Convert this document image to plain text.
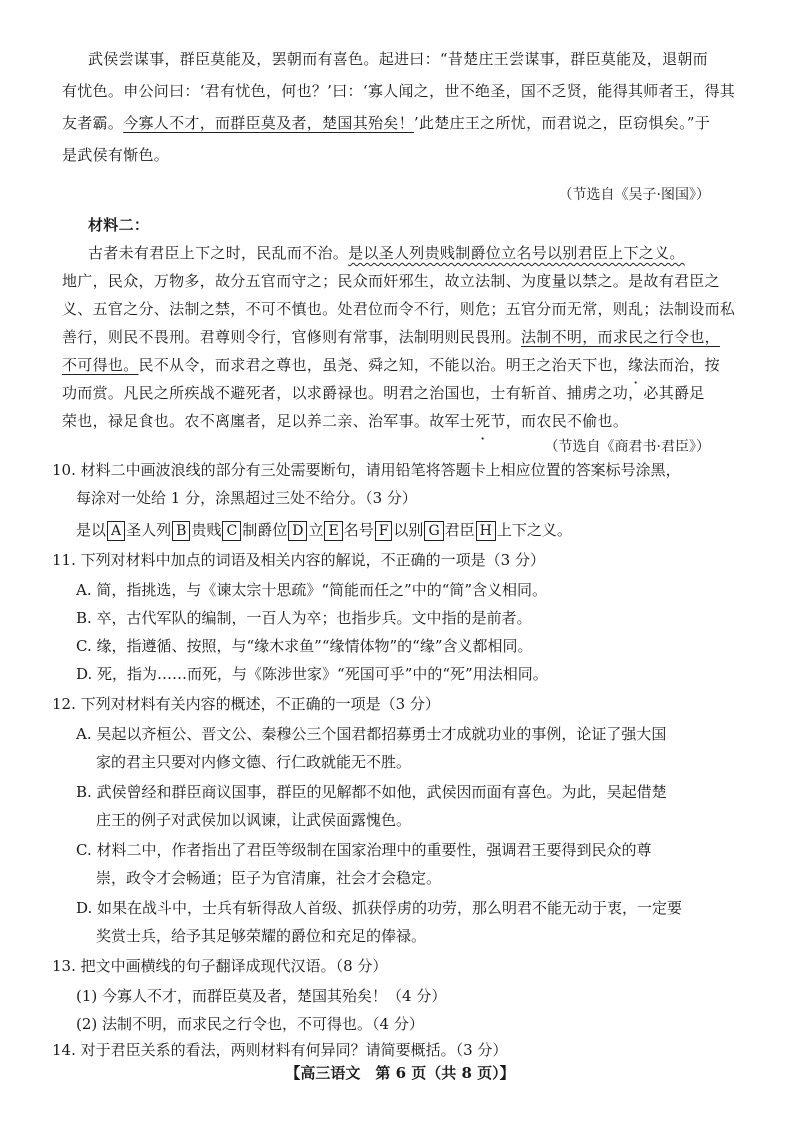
武侯尝谋事，群臣莫能及，罢朝而有喜色。起进曰：“昔楚庄王尝谋事，群臣莫能及，退朝而
有忧色。申公问曰：‘君有忧色，何也？’曰：‘寡人闻之，世不绝圣，国不乏贤，能得其师者王，得其
友者霸。今寡人不才，而群臣莫及者，楚国其殆矣！’此楚庄王之所忧，而君说之，臣窃惧矣。”于
是武侯有惭色。
（节选自《吴子·图国》）
材料二：
古者未有君臣上下之时，民乱而不治。是以圣人列贵贱制爵位立名号以别君臣上下之义。
地广，民众，万物多，故分五官而守之；民众而奸邪生，故立法制、为度量以禁之。是故有君臣之
义、五官之分、法制之禁，不可不慎也。处君位而令不行，则危；五官分而无常，则乱；法制设而私
善行，则民不畏刑。君尊则令行，官修则有常事，法制明则民畏刑。法制不明，而求民之行令也，
不可得也。民不从令，而求君之尊也，虽尧、舜之知，不能以治。明王之治天下也，缘法而治，按
功而赏。凡民之所疾战不避死者，以求爵禄也。明君之治国也，士有斩首、捕虏之功，必其爵足
荣也，禄足食也。农不离廛者，足以养二亲、治军事。故军士死节，而农民不偷也。
（节选自《商君书·君臣》）
10. 材料二中画波浪线的部分有三处需要断句，请用铅笔将答题卡上相应位置的答案标号涂黑，
每涂对一处给 1 分，涂黑超过三处不给分。（3 分）
是以 A 圣人列 B 贵贱 C 制爵位 D 立 E 名号 F 以别 G 君臣 H 上下之义。
11. 下列对材料中加点的词语及相关内容的解说，不正确的一项是（3 分）
A. 简，指挑选，与《谏太宗十思疏》“简能而任之”中的“简”含义相同。
B. 卒，古代军队的编制，一百人为卒；也指步兵。文中指的是前者。
C. 缘，指遵循、按照，与“缘木求鱼”“缘情体物”的“缘”含义都相同。
D. 死，指为……而死，与《陈涉世家》“死国可乎”中的“死”用法相同。
12. 下列对材料有关内容的概述，不正确的一项是（3 分）
A. 吴起以齐桓公、晋文公、秦穆公三个国君都招募勇士才成就功业的事例，论证了强大国
家的君主只要对内修文德、行仁政就能无不胜。
B. 武侯曾经和群臣商议国事，群臣的见解都不如他，武侯因而面有喜色。为此，吴起借楚
庄王的例子对武侯加以讽谏，让武侯面露愧色。
C. 材料二中，作者指出了君臣等级制在国家治理中的重要性，强调君王要得到民众的尊
崇，政令才会畅通；臣子为官清廉，社会才会稳定。
D. 如果在战斗中，士兵有斩得敌人首级、抓获俘虏的功劳，那么明君不能无动于衷，一定要
奖赏士兵，给予其足够荣耀的爵位和充足的俸禄。
13. 把文中画横线的句子翻译成现代汉语。（8 分）
(1) 今寡人不才，而群臣莫及者，楚国其殆矣！（4 分）
(2) 法制不明，而求民之行令也，不可得也。（4 分）
14. 对于君臣关系的看法，两则材料有何异同？请简要概括。（3 分）
【高三语文　第 6 页（共 8 页）】
